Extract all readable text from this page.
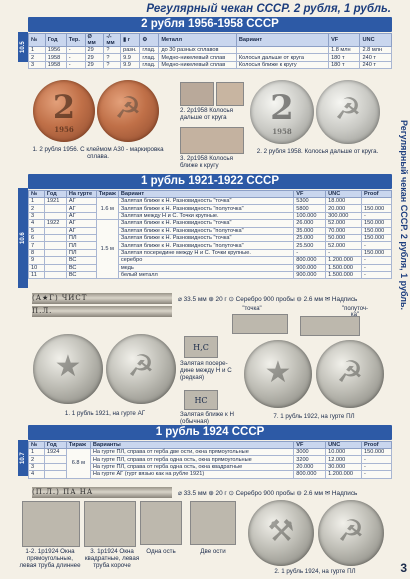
Регулярный чекан СССР. 2 рубля, 1 рубль.
Регулярный чекан СССР. 2 рубля, 1 рубль.
3
10.5
2 рубля 1956-1958 СССР
№	Год	Тер.	Ø мм	-/- мм	▮ г	⚙	Металл	Вариант	VF	UNC
1	1956	-	29	?	разн.	глад.	до 30 разных сплавов		1.8 млн	2.8 млн
2	1958	-	29	?	9.9	глад.	Медно-никелевый сплав	Колосья дальше от круга	180 т	240 т
3	1958	-	29	?	9.9	глад.	Медно-никелевый сплав	Колосья ближе к кругу	180 т	240 т
2
1956
☭	2. 2р1958 Колосья дальше от круга
3. 2р1958 Колосья ближе к кругу
2
1958
☭
1. 2 рубля 1956. С клеймом А30 - маркировка сплава.
2. 2 рубля 1958. Колосья дальше от круга.
10.6
1 рубль 1921-1922 СССР
№	Год	На гурте	Тираж	Вариант	VF	UNC	Proof
1	1921	АГ	1.6 м	Залятая ближе к Н. Разновидность "точка"	5300	18.000	
2		АГ		Залятая ближе к Н. Разновидность "полуточка"	5800	20.000	150.000
3		АГ		Залятая между Н и С. Точки крупные.	100.000	300.000	-
4	1922	АГ	1.5 м	Залятая ближе к Н. Разновидность "точка"	26.000	52.000	150.000
5		АГ		Залятая ближе к Н. Разновидность "полуточка"	35.000	70.000	150.000
6		ПЛ		Залятая ближе к Н. Разновидность "точка"	25.000	50.000	150.000
7		ПЛ		Залятая ближе к Н. Разновидность "полуточка"	25.500	52.000	-
8		ПЛ		Залятая посередине между Н и С. Точки крупные.	-	-	150.000
9		ВС		серебро	800.000	1.200.000	-
10		ВС		медь	900.000	1.500.000	-
11		ВС		белый металл	900.000	1.500.000	-
(А★Г) ЧИСТ
П.Л.
⌀ 33.5 мм ⊕ 20 г ⊙ Серебро 900 пробы ⊖ 2.6 мм ✉ Надпись
"точка"	"полуточ-ка"
★	☭
Н,С
Залятая посере-дине между Н и С (редкая)
НС
Залятая ближе к Н (обычная)
★	☭
1. 1 рубль 1921, на гурте АГ	7. 1 рубль 1922, на гурте ПЛ
10.7
1 рубль 1924 СССР
№	Год	Тираж	Варианты	VF	UNC	Proof
1	1924	6.8 м	На гурте ПЛ, справа от герба две ости, окна прямоугольные	3000	10.000	150.000
2			На гурте ПЛ, справа от герба одна ость, окна прямоугольные	3200	12.000	-
3			На гурте ПЛ, справа от герба одна ость, окна квадратные	20.000	30.000	-
4			На гурте АГ (гурт вязью как на рубле 1921)	800.000	1.200.000	-
(П.Л.) ПА НА	⌀ 33.5 мм ⊕ 20 г ⊙ Серебро 900 пробы ⊖ 2.6 мм ✉ Надпись
1-2. 1р1924 Окна прямоугольные, левая труба длиннее
3. 1р1924 Окна квадратные, левая труба короче
Одна ость	Две ости
⚒	☭
2. 1 рубль 1924, на гурте ПЛ
